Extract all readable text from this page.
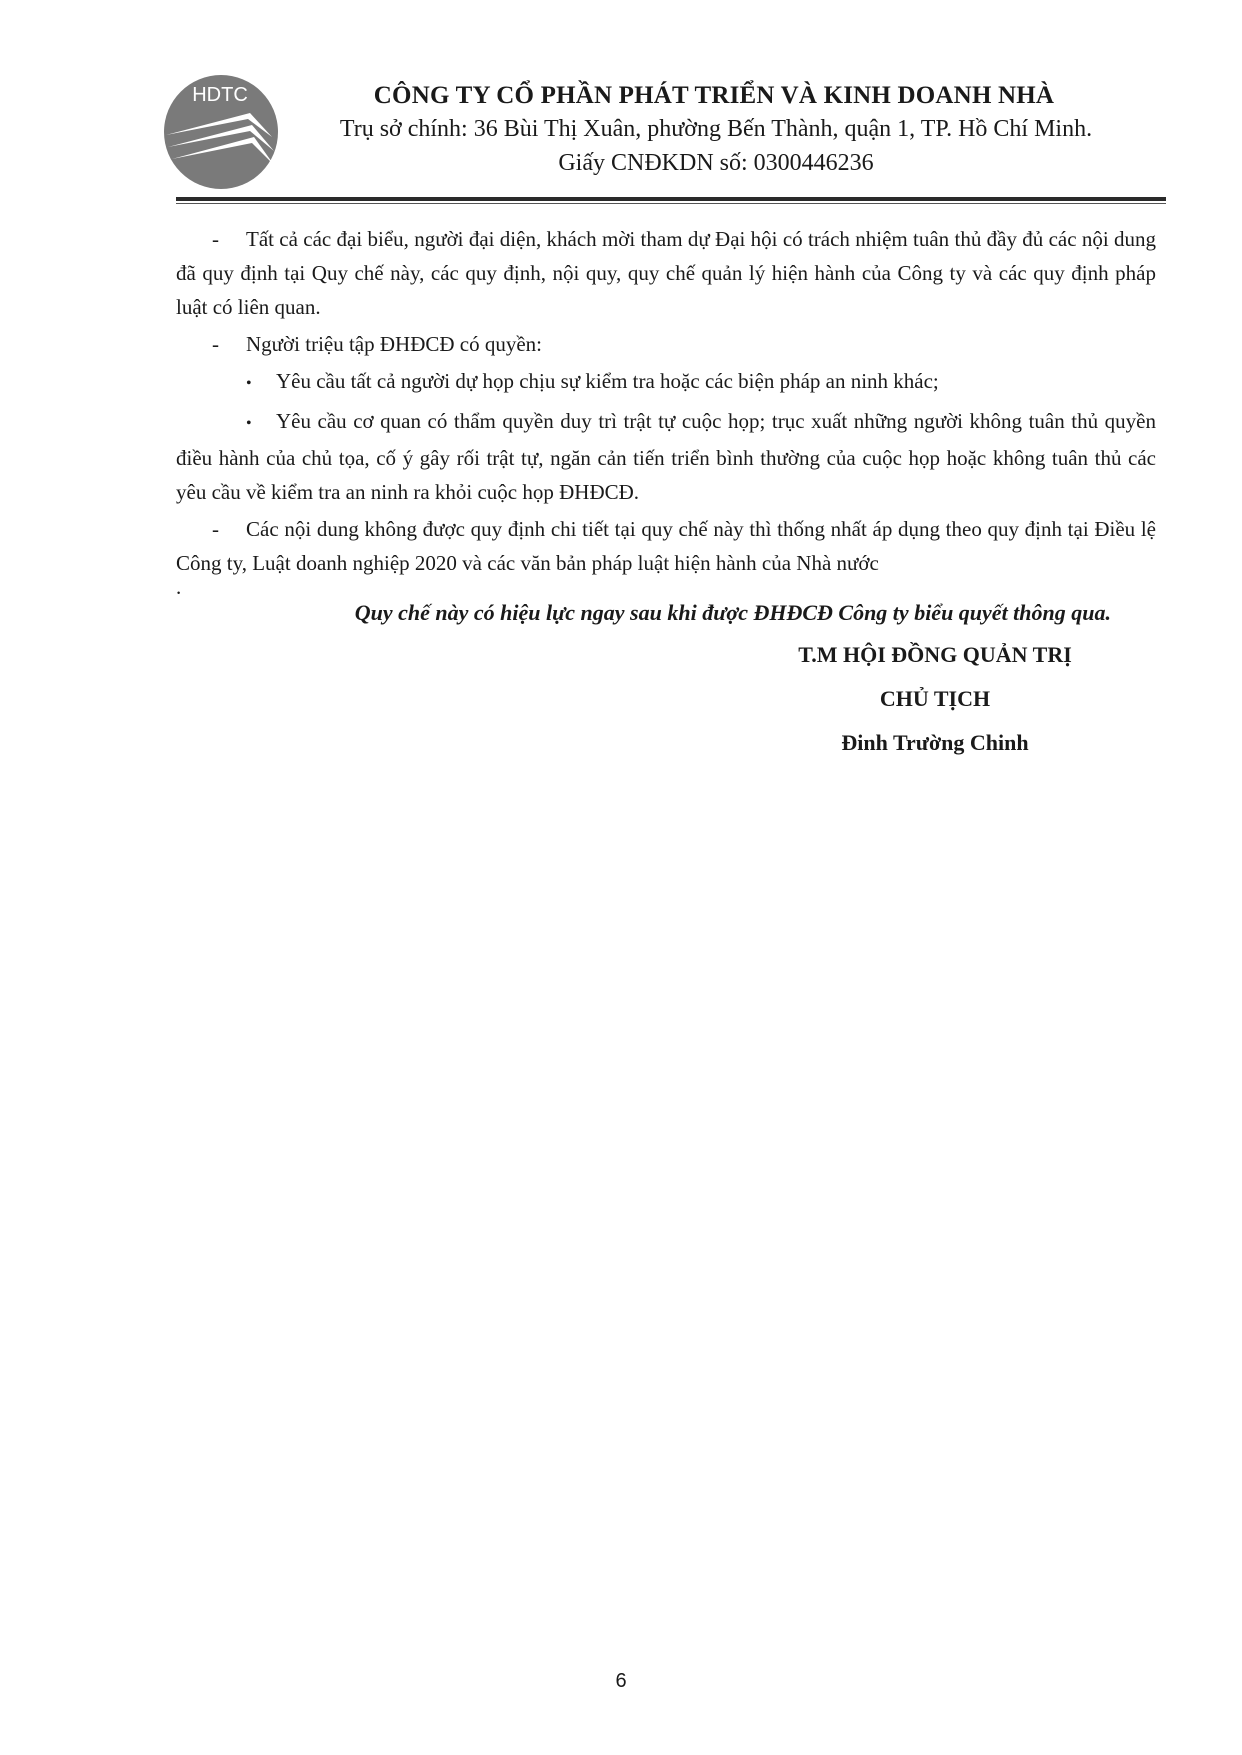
HDTC	CÔNG TY CỔ PHẦN PHÁT TRIỂN VÀ KINH DOANH NHÀ
Trụ sở chính: 36 Bùi Thị Xuân, phường Bến Thành, quận 1, TP. Hồ Chí Minh.
Giấy CNĐKDN số: 0300446236

- Tất cả các đại biểu, người đại diện, khách mời tham dự Đại hội có trách nhiệm tuân thủ đầy đủ các nội dung đã quy định tại Quy chế này, các quy định, nội quy, quy chế quản lý hiện hành của Công ty và các quy định pháp luật có liên quan.

- Người triệu tập ĐHĐCĐ có quyền:

• Yêu cầu tất cả người dự họp chịu sự kiểm tra hoặc các biện pháp an ninh khác;

• Yêu cầu cơ quan có thẩm quyền duy trì trật tự cuộc họp; trục xuất những người không tuân thủ quyền điều hành của chủ tọa, cố ý gây rối trật tự, ngăn cản tiến triển bình thường của cuộc họp hoặc không tuân thủ các yêu cầu về kiểm tra an ninh ra khỏi cuộc họp ĐHĐCĐ.

- Các nội dung không được quy định chi tiết tại quy chế này thì thống nhất áp dụng theo quy định tại Điều lệ Công ty, Luật doanh nghiệp 2020 và các văn bản pháp luật hiện hành của Nhà nước

.

Quy chế này có hiệu lực ngay sau khi được ĐHĐCĐ Công ty biểu quyết thông qua.
T.M HỘI ĐỒNG QUẢN TRỊ
CHỦ TỊCH
Đinh Trường Chinh
6
